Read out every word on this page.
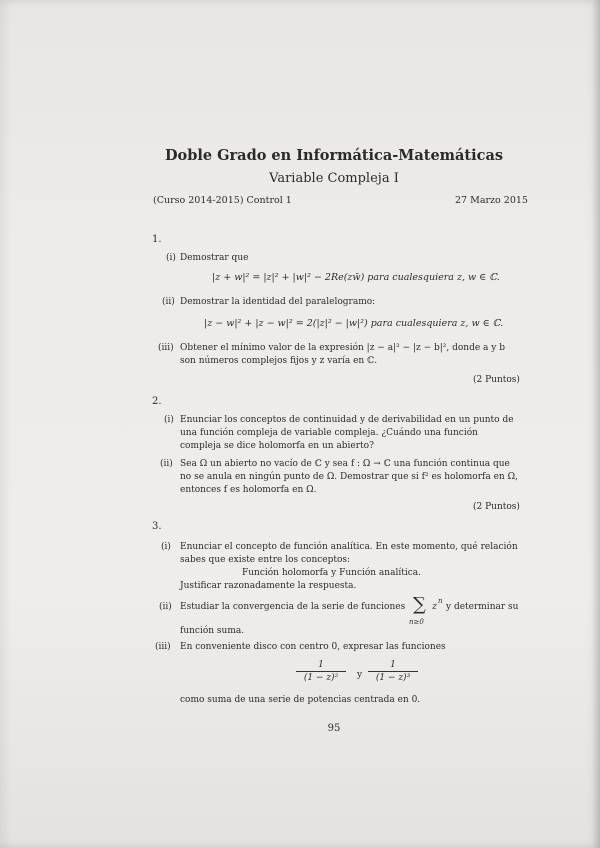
Doble Grado en Informática-Matemáticas
Variable Compleja I
(Curso 2014-2015) Control 1	27 Marzo 2015
1.
(i) Demostrar que
|z + w|² = |z|² + |w|² − 2Re(zw̄) para cualesquiera z, w ∈ ℂ.
(ii) Demostrar la identidad del paralelogramo:
|z − w|² + |z − w|² = 2(|z|² − |w|²) para cualesquiera z, w ∈ ℂ.
(iii) Obtener el mínimo valor de la expresión |z − a|² − |z − b|², donde a y b son números complejos fijos y z varía en ℂ.
(2 Puntos)
2.
(i) Enunciar los conceptos de continuidad y de derivabilidad en un punto de una función compleja de variable compleja. ¿Cuándo una función compleja se dice holomorfa en un abierto?
(ii) Sea Ω un abierto no vacío de ℂ y sea f : Ω → ℂ una función continua que no se anula en ningún punto de Ω. Demostrar que si f² es holomorfa en Ω, entonces f es holomorfa en Ω.
(2 Puntos)
3.
(i) Enunciar el concepto de función analítica. En este momento, qué relación sabes que existe entre los conceptos:
Función holomorfa y Función analítica.
Justificar razonadamente la respuesta.
(ii) Estudiar la convergencia de la serie de funciones ∑
n≥0
z n
y determinar su
función suma.
(iii) En conveniente disco con centro 0, expresar las funciones
1
(1 − z)²	y
1
(1 − z)³
como suma de una serie de potencias centrada en 0.
95
